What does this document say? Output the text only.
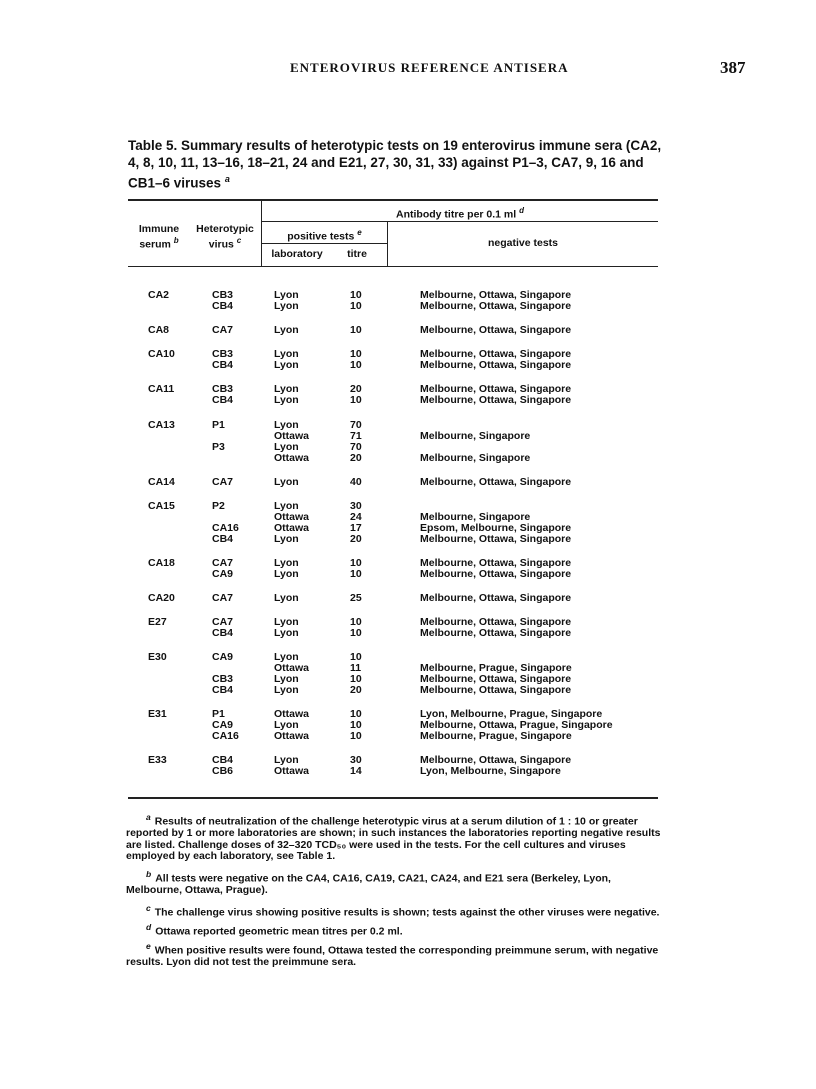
ENTEROVIRUS REFERENCE ANTISERA	387
Table 5. Summary results of heterotypic tests on 19 enterovirus immune sera (CA2, 4, 8, 10, 11, 13–16, 18–21, 24 and E21, 27, 30, 31, 33) against P1–3, CA7, 9, 16 and CB1–6 viruses $^a$
Immune serum $^b$
Heterotypic virus $^c$
Antibody titre per 0.1 ml $^d$
positive tests $^e$
laboratory	titre
negative tests
CA2	CB3	Lyon	10	Melbourne, Ottawa, Singapore
CB4	Lyon	10	Melbourne, Ottawa, Singapore
CA8	CA7	Lyon	10	Melbourne, Ottawa, Singapore
CA10	CB3	Lyon	10	Melbourne, Ottawa, Singapore
CB4	Lyon	10	Melbourne, Ottawa, Singapore
CA11	CB3	Lyon	20	Melbourne, Ottawa, Singapore
CB4	Lyon	10	Melbourne, Ottawa, Singapore
CA13	P1	Lyon	70
Ottawa	71	Melbourne, Singapore
P3	Lyon	70
Ottawa	20	Melbourne, Singapore
CA14	CA7	Lyon	40	Melbourne, Ottawa, Singapore
CA15	P2	Lyon	30
Ottawa	24	Melbourne, Singapore
CA16	Ottawa	17	Epsom, Melbourne, Singapore
CB4	Lyon	20	Melbourne, Ottawa, Singapore
CA18	CA7	Lyon	10	Melbourne, Ottawa, Singapore
CA9	Lyon	10	Melbourne, Ottawa, Singapore
CA20	CA7	Lyon	25	Melbourne, Ottawa, Singapore
E27	CA7	Lyon	10	Melbourne, Ottawa, Singapore
CB4	Lyon	10	Melbourne, Ottawa, Singapore
E30	CA9	Lyon	10
Ottawa	11	Melbourne, Prague, Singapore
CB3	Lyon	10	Melbourne, Ottawa, Singapore
CB4	Lyon	20	Melbourne, Ottawa, Singapore
E31	P1	Ottawa	10	Lyon, Melbourne, Prague, Singapore
CA9	Lyon	10	Melbourne, Ottawa, Prague, Singapore
CA16	Ottawa	10	Melbourne, Prague, Singapore
E33	CB4	Lyon	30	Melbourne, Ottawa, Singapore
CB6	Ottawa	14	Lyon, Melbourne, Singapore

$^a$ Results of neutralization of the challenge heterotypic virus at a serum dilution of 1 : 10 or greater reported by 1 or more laboratories are shown; in such instances the laboratories reporting negative results are listed. Challenge doses of 32–320 TCD₅₀ were used in the tests. For the cell cultures and viruses employed by each laboratory, see Table 1.

$^b$ All tests were negative on the CA4, CA16, CA19, CA21, CA24, and E21 sera (Berkeley, Lyon, Melbourne, Ottawa, Prague).

$^c$ The challenge virus showing positive results is shown; tests against the other viruses were negative.

$^d$ Ottawa reported geometric mean titres per 0.2 ml.

$^e$ When positive results were found, Ottawa tested the corresponding preimmune serum, with negative results. Lyon did not test the preimmune sera.
